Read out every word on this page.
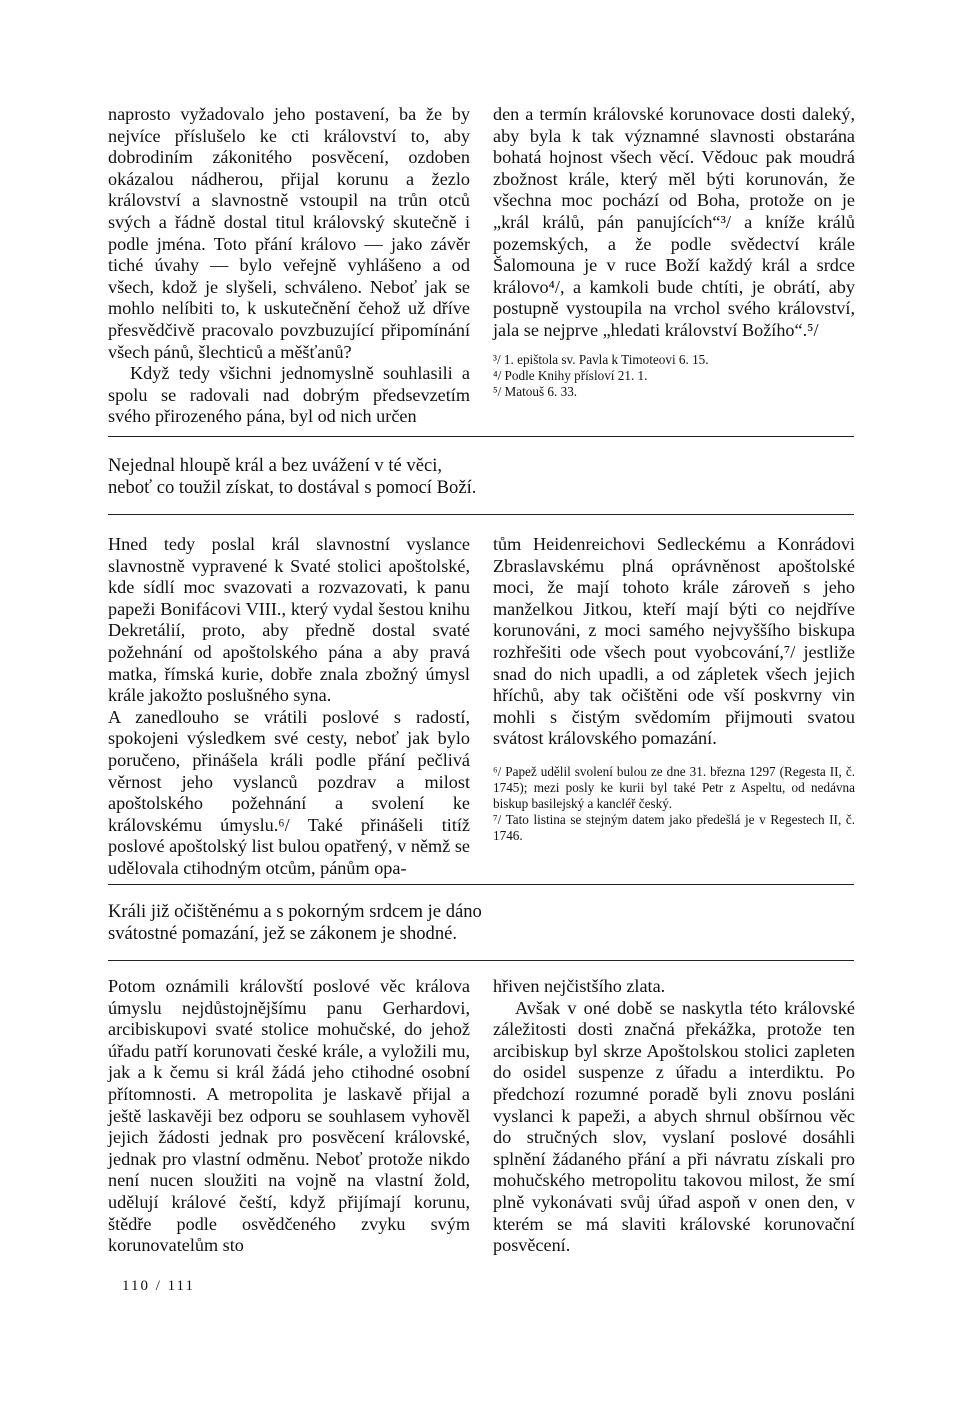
naprosto vyžadovalo jeho postavení, ba že by nejvíce příslušelo ke cti království to, aby dobrodiním zákonitého posvěcení, ozdoben okázalou nádherou, přijal korunu a žezlo království a slavnostně vstoupil na trůn otců svých a řádně dostal titul královský skutečně i podle jména. Toto přání královo — jako závěr tiché úvahy — bylo veřejně vyhlášeno a od všech, kdož je slyšeli, schváleno. Neboť jak se mohlo nelíbiti to, k uskutečnění čehož už dříve přesvědčivě pracovalo povzbuzující připomínání všech pánů, šlechticů a měšťanů?

Když tedy všichni jednomyslně souhlasili a spolu se radovali nad dobrým předsevzetím svého přirozeného pána, byl od nich určen

den a termín královské korunovace dosti daleký, aby byla k tak významné slavnosti obstarána bohatá hojnost všech věcí. Vědouc pak moudrá zbožnost krále, který měl býti korunován, že všechna moc pochází od Boha, protože on je „král králů, pán panujících“³/ a kníže králů pozemských, a že podle svědectví krále Šalomouna je v ruce Boží každý král a srdce královo⁴/, a kamkoli bude chtíti, je obrátí, aby postupně vystoupila na vrchol svého království, jala se nejprve „hledati království Božího“.⁵/

³/ 1. epištola sv. Pavla k Timoteovi 6. 15.

⁴/ Podle Knihy přísloví 21. 1.

⁵/ Matouš 6. 33.

Nejednal hloupě král a bez uvážení v té věci,
neboť co toužil získat, to dostával s pomocí Boží.

Hned tedy poslal král slavnostní vyslance slavnostně vypravené k Svaté stolici apoštolské, kde sídlí moc svazovati a rozvazovati, k panu papeži Bonifácovi VIII., který vydal šestou knihu Dekretálií, proto, aby předně dostal svaté požehnání od apoštolského pána a aby pravá matka, římská kurie, dobře znala zbožný úmysl krále jakožto poslušného syna.

A zanedlouho se vrátili poslové s radostí, spokojeni výsledkem své cesty, neboť jak bylo poručeno, přinášela králi podle přání pečlivá věrnost jeho vyslanců pozdrav a milost apoštolského požehnání a svolení ke královskému úmyslu.⁶/ Také přinášeli titíž poslové apoštolský list bulou opatřený, v němž se udělovala ctihodným otcům, pánům opa-

tům Heidenreichovi Sedleckému a Konrádovi Zbraslavskému plná oprávněnost apoštolské moci, že mají tohoto krále zároveň s jeho manželkou Jitkou, kteří mají býti co nejdříve korunováni, z moci samého nejvyššího biskupa rozhřešiti ode všech pout vyobcování,⁷/ jestliže snad do nich upadli, a od zápletek všech jejich hříchů, aby tak očištěni ode vší poskvrny vin mohli s čistým svědomím přijmouti svatou svátost královského pomazání.

⁶/ Papež udělil svolení bulou ze dne 31. března 1297 (Regesta II, č. 1745); mezi posly ke kurii byl také Petr z Aspeltu, od nedávna biskup basilejský a kancléř český.

⁷/ Tato listina se stejným datem jako předešlá je v Regestech II, č. 1746.

Králi již očištěnému a s pokorným srdcem je dáno
svátostné pomazání, jež se zákonem je shodné.

Potom oznámili královští poslové věc králova úmyslu nejdůstojnějšímu panu Gerhardovi, arcibiskupovi svaté stolice mohučské, do jehož úřadu patří korunovati české krále, a vyložili mu, jak a k čemu si král žádá jeho ctihodné osobní přítomnosti. A metropolita je laskavě přijal a ještě laskavěji bez odporu se souhlasem vyhověl jejich žádosti jednak pro posvěcení královské, jednak pro vlastní odměnu. Neboť protože nikdo není nucen sloužiti na vojně na vlastní žold, udělují králové čeští, když přijímají korunu, štědře podle osvědčeného zvyku svým korunovatelům sto

hřiven nejčistšího zlata.

Avšak v oné době se naskytla této královské záležitosti dosti značná překážka, protože ten arcibiskup byl skrze Apoštolskou stolici zapleten do osidel suspenze z úřadu a interdiktu. Po předchozí rozumné poradě byli znovu posláni vyslanci k papeži, a abych shrnul obšírnou věc do stručných slov, vyslaní poslové dosáhli splnění žádaného přání a při návratu získali pro mohučského metropolitu takovou milost, že smí plně vykonávati svůj úřad aspoň v onen den, v kterém se má slaviti královské korunovační posvěcení.

110 / 111
